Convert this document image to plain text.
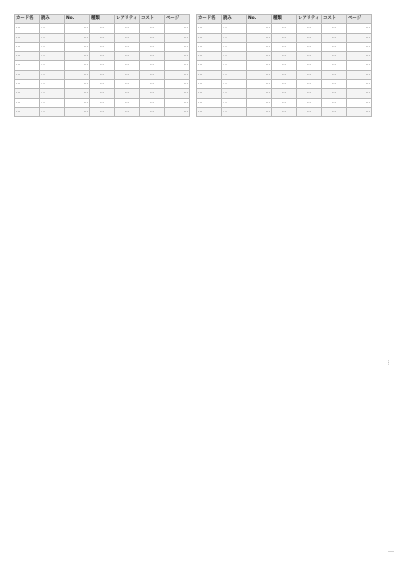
カード名	読み	No.	種類	レアリティ	コスト	ページ
…	…	…	…	…	…	…
…	…	…	…	…	…	…
…	…	…	…	…	…	…
…	…	…	…	…	…	…
…	…	…	…	…	…	…
…	…	…	…	…	…	…
…	…	…	…	…	…	…
…	…	…	…	…	…	…
…	…	…	…	…	…	…
…	…	…	…	…	…	…
カード名	読み	No.	種類	レアリティ	コスト	ページ
…	…	…	…	…	…	…
…	…	…	…	…	…	…
…	…	…	…	…	…	…
…	…	…	…	…	…	…
…	…	…	…	…	…	…
…	…	…	…	…	…	…
…	…	…	…	…	…	…
…	…	…	…	…	…	…
…	…	…	…	…	…	…
…	…	…	…	…	…	…
…
…
